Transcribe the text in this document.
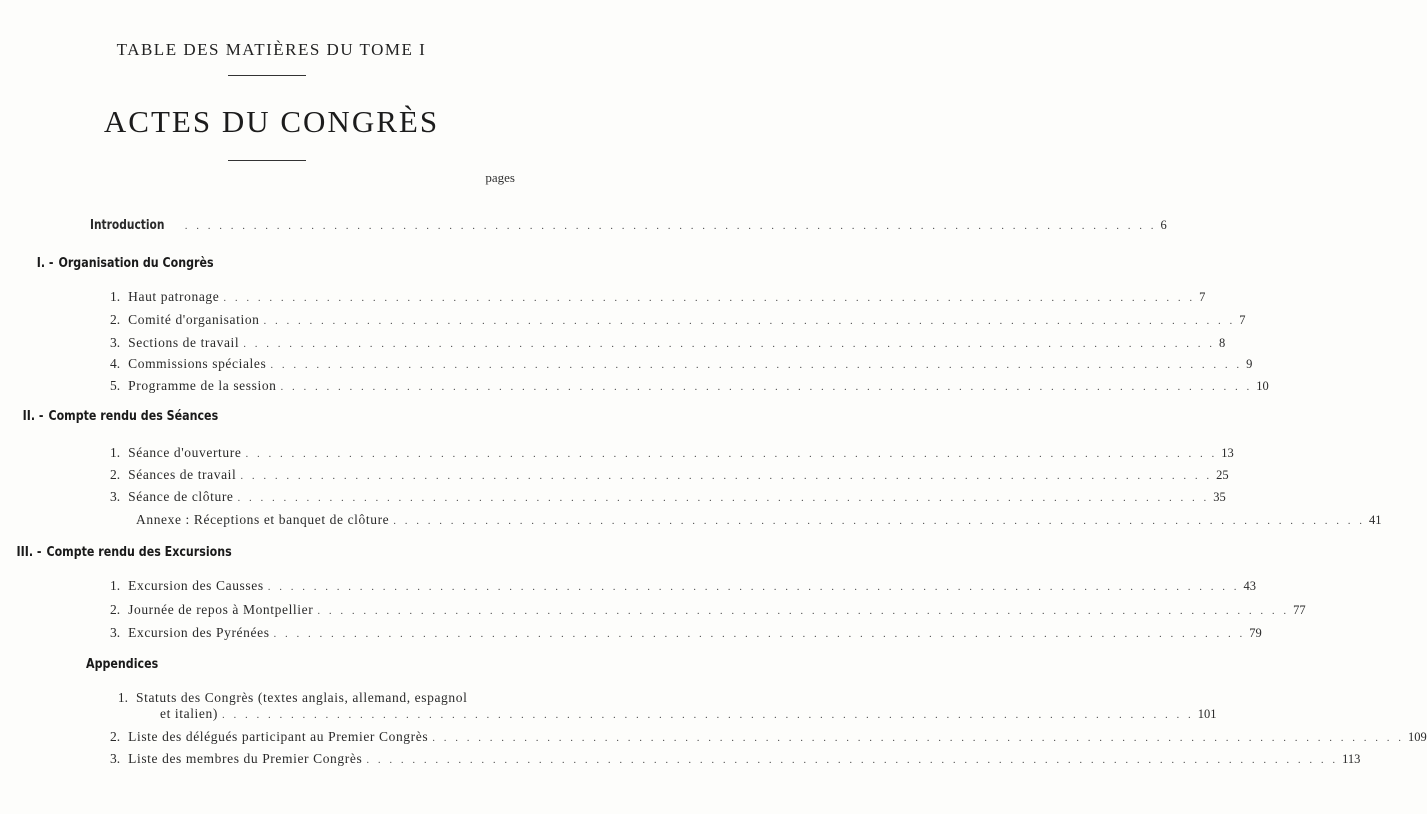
TABLE DES MATIÈRES DU TOME I
ACTES DU CONGRÈS
pages
Introduction . . . . . . . . . . . . . . . . . . . . . . . . . . . . . . . . . . . . . . . . . . . . . . . . . . . . . . . . . . . . . . . . . . . . . . . . . . . . . . . . . . . . . 6
I. - Organisation du Congrès
1. Haut patronage . . . . . . . . . . . . . . . . . . . . . . . . . . . . . . . . . . . . . . . . . . . . . . . . . . . . . . . . . . . . . . . . . . . . . . . . . . . . . . . . . . . . . 7
2. Comité d'organisation . . . . . . . . . . . . . . . . . . . . . . . . . . . . . . . . . . . . . . . . . . . . . . . . . . . . . . . . . . . . . . . . . . . . . . . . . . . . . . . . . . . . . 7
3. Sections de travail . . . . . . . . . . . . . . . . . . . . . . . . . . . . . . . . . . . . . . . . . . . . . . . . . . . . . . . . . . . . . . . . . . . . . . . . . . . . . . . . . . . . . 8
4. Commissions spéciales . . . . . . . . . . . . . . . . . . . . . . . . . . . . . . . . . . . . . . . . . . . . . . . . . . . . . . . . . . . . . . . . . . . . . . . . . . . . . . . . . . . . . 9
5. Programme de la session . . . . . . . . . . . . . . . . . . . . . . . . . . . . . . . . . . . . . . . . . . . . . . . . . . . . . . . . . . . . . . . . . . . . . . . . . . . . . . . . . . . . . 10
II. - Compte rendu des Séances
1. Séance d'ouverture . . . . . . . . . . . . . . . . . . . . . . . . . . . . . . . . . . . . . . . . . . . . . . . . . . . . . . . . . . . . . . . . . . . . . . . . . . . . . . . . . . . . . 13
2. Séances de travail . . . . . . . . . . . . . . . . . . . . . . . . . . . . . . . . . . . . . . . . . . . . . . . . . . . . . . . . . . . . . . . . . . . . . . . . . . . . . . . . . . . . . 25
3. Séance de clôture . . . . . . . . . . . . . . . . . . . . . . . . . . . . . . . . . . . . . . . . . . . . . . . . . . . . . . . . . . . . . . . . . . . . . . . . . . . . . . . . . . . . . 35
Annexe : Réceptions et banquet de clôture . . . . . . . . . . . . . . . . . . . . . . . . . . . . . . . . . . . . . . . . . . . . . . . . . . . . . . . . . . . . . . . . . . . . . . . . . . . . . . . . . . . . . 41
III. - Compte rendu des Excursions
1. Excursion des Causses . . . . . . . . . . . . . . . . . . . . . . . . . . . . . . . . . . . . . . . . . . . . . . . . . . . . . . . . . . . . . . . . . . . . . . . . . . . . . . . . . . . . . 43
2. Journée de repos à Montpellier . . . . . . . . . . . . . . . . . . . . . . . . . . . . . . . . . . . . . . . . . . . . . . . . . . . . . . . . . . . . . . . . . . . . . . . . . . . . . . . . . . . . . 77
3. Excursion des Pyrénées . . . . . . . . . . . . . . . . . . . . . . . . . . . . . . . . . . . . . . . . . . . . . . . . . . . . . . . . . . . . . . . . . . . . . . . . . . . . . . . . . . . . . 79
Appendices
1. Statuts des Congrès (textes anglais, allemand, espagnol
et italien) . . . . . . . . . . . . . . . . . . . . . . . . . . . . . . . . . . . . . . . . . . . . . . . . . . . . . . . . . . . . . . . . . . . . . . . . . . . . . . . . . . . . . 101
2. Liste des délégués participant au Premier Congrès . . . . . . . . . . . . . . . . . . . . . . . . . . . . . . . . . . . . . . . . . . . . . . . . . . . . . . . . . . . . . . . . . . . . . . . . . . . . . . . . . . . . . 109
3. Liste des membres du Premier Congrès . . . . . . . . . . . . . . . . . . . . . . . . . . . . . . . . . . . . . . . . . . . . . . . . . . . . . . . . . . . . . . . . . . . . . . . . . . . . . . . . . . . . . 113
